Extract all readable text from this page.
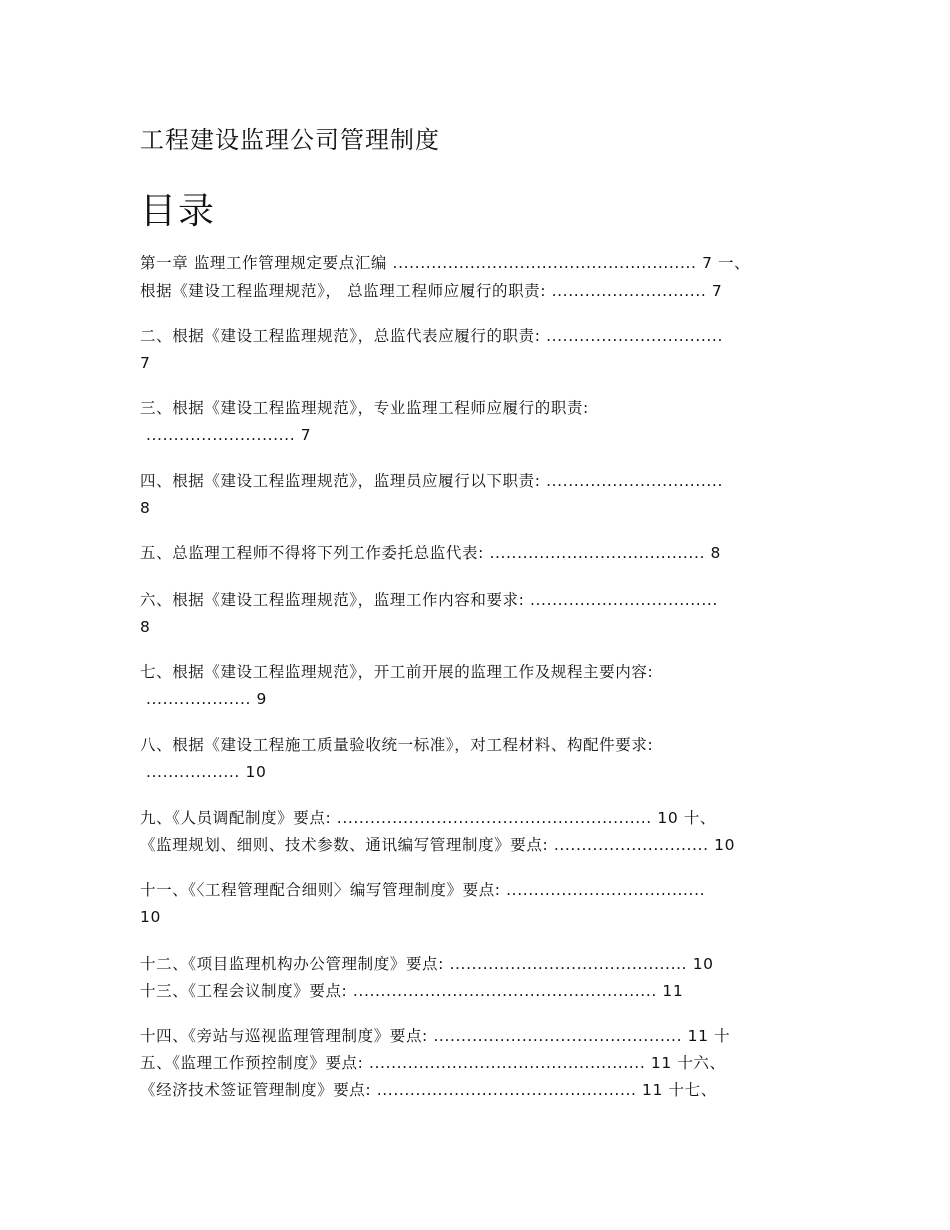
工程建设监理公司管理制度
目录
第一章 监理工作管理规定要点汇编 ....................................................... 7 一、
根据《建设工程监理规范》， 总监理工程师应履行的职责: ............................ 7
二、根据《建设工程监理规范》，总监代表应履行的职责: ................................
7
三、根据《建设工程监理规范》，专业监理工程师应履行的职责:
........................... 7
四、根据《建设工程监理规范》，监理员应履行以下职责: ................................
8
五、总监理工程师不得将下列工作委托总监代表: ....................................... 8
六、根据《建设工程监理规范》，监理工作内容和要求: ..................................
8
七、根据《建设工程监理规范》，开工前开展的监理工作及规程主要内容:
................... 9
八、根据《建设工程施工质量验收统一标准》，对工程材料、构配件要求:
................. 10
九、《人员调配制度》要点: ......................................................... 10 十、
《监理规划、细则、技术参数、通讯编写管理制度》要点: ............................ 10
十一、《〈工程管理配合细则〉编写管理制度》要点: ....................................
10
十二、《项目监理机构办公管理制度》要点: ........................................... 10
十三、《工程会议制度》要点: ....................................................... 11
十四、《旁站与巡视监理管理制度》要点: ............................................. 11 十
五、《监理工作预控制度》要点: .................................................. 11 十六、
《经济技术签证管理制度》要点: ............................................... 11 十七、
